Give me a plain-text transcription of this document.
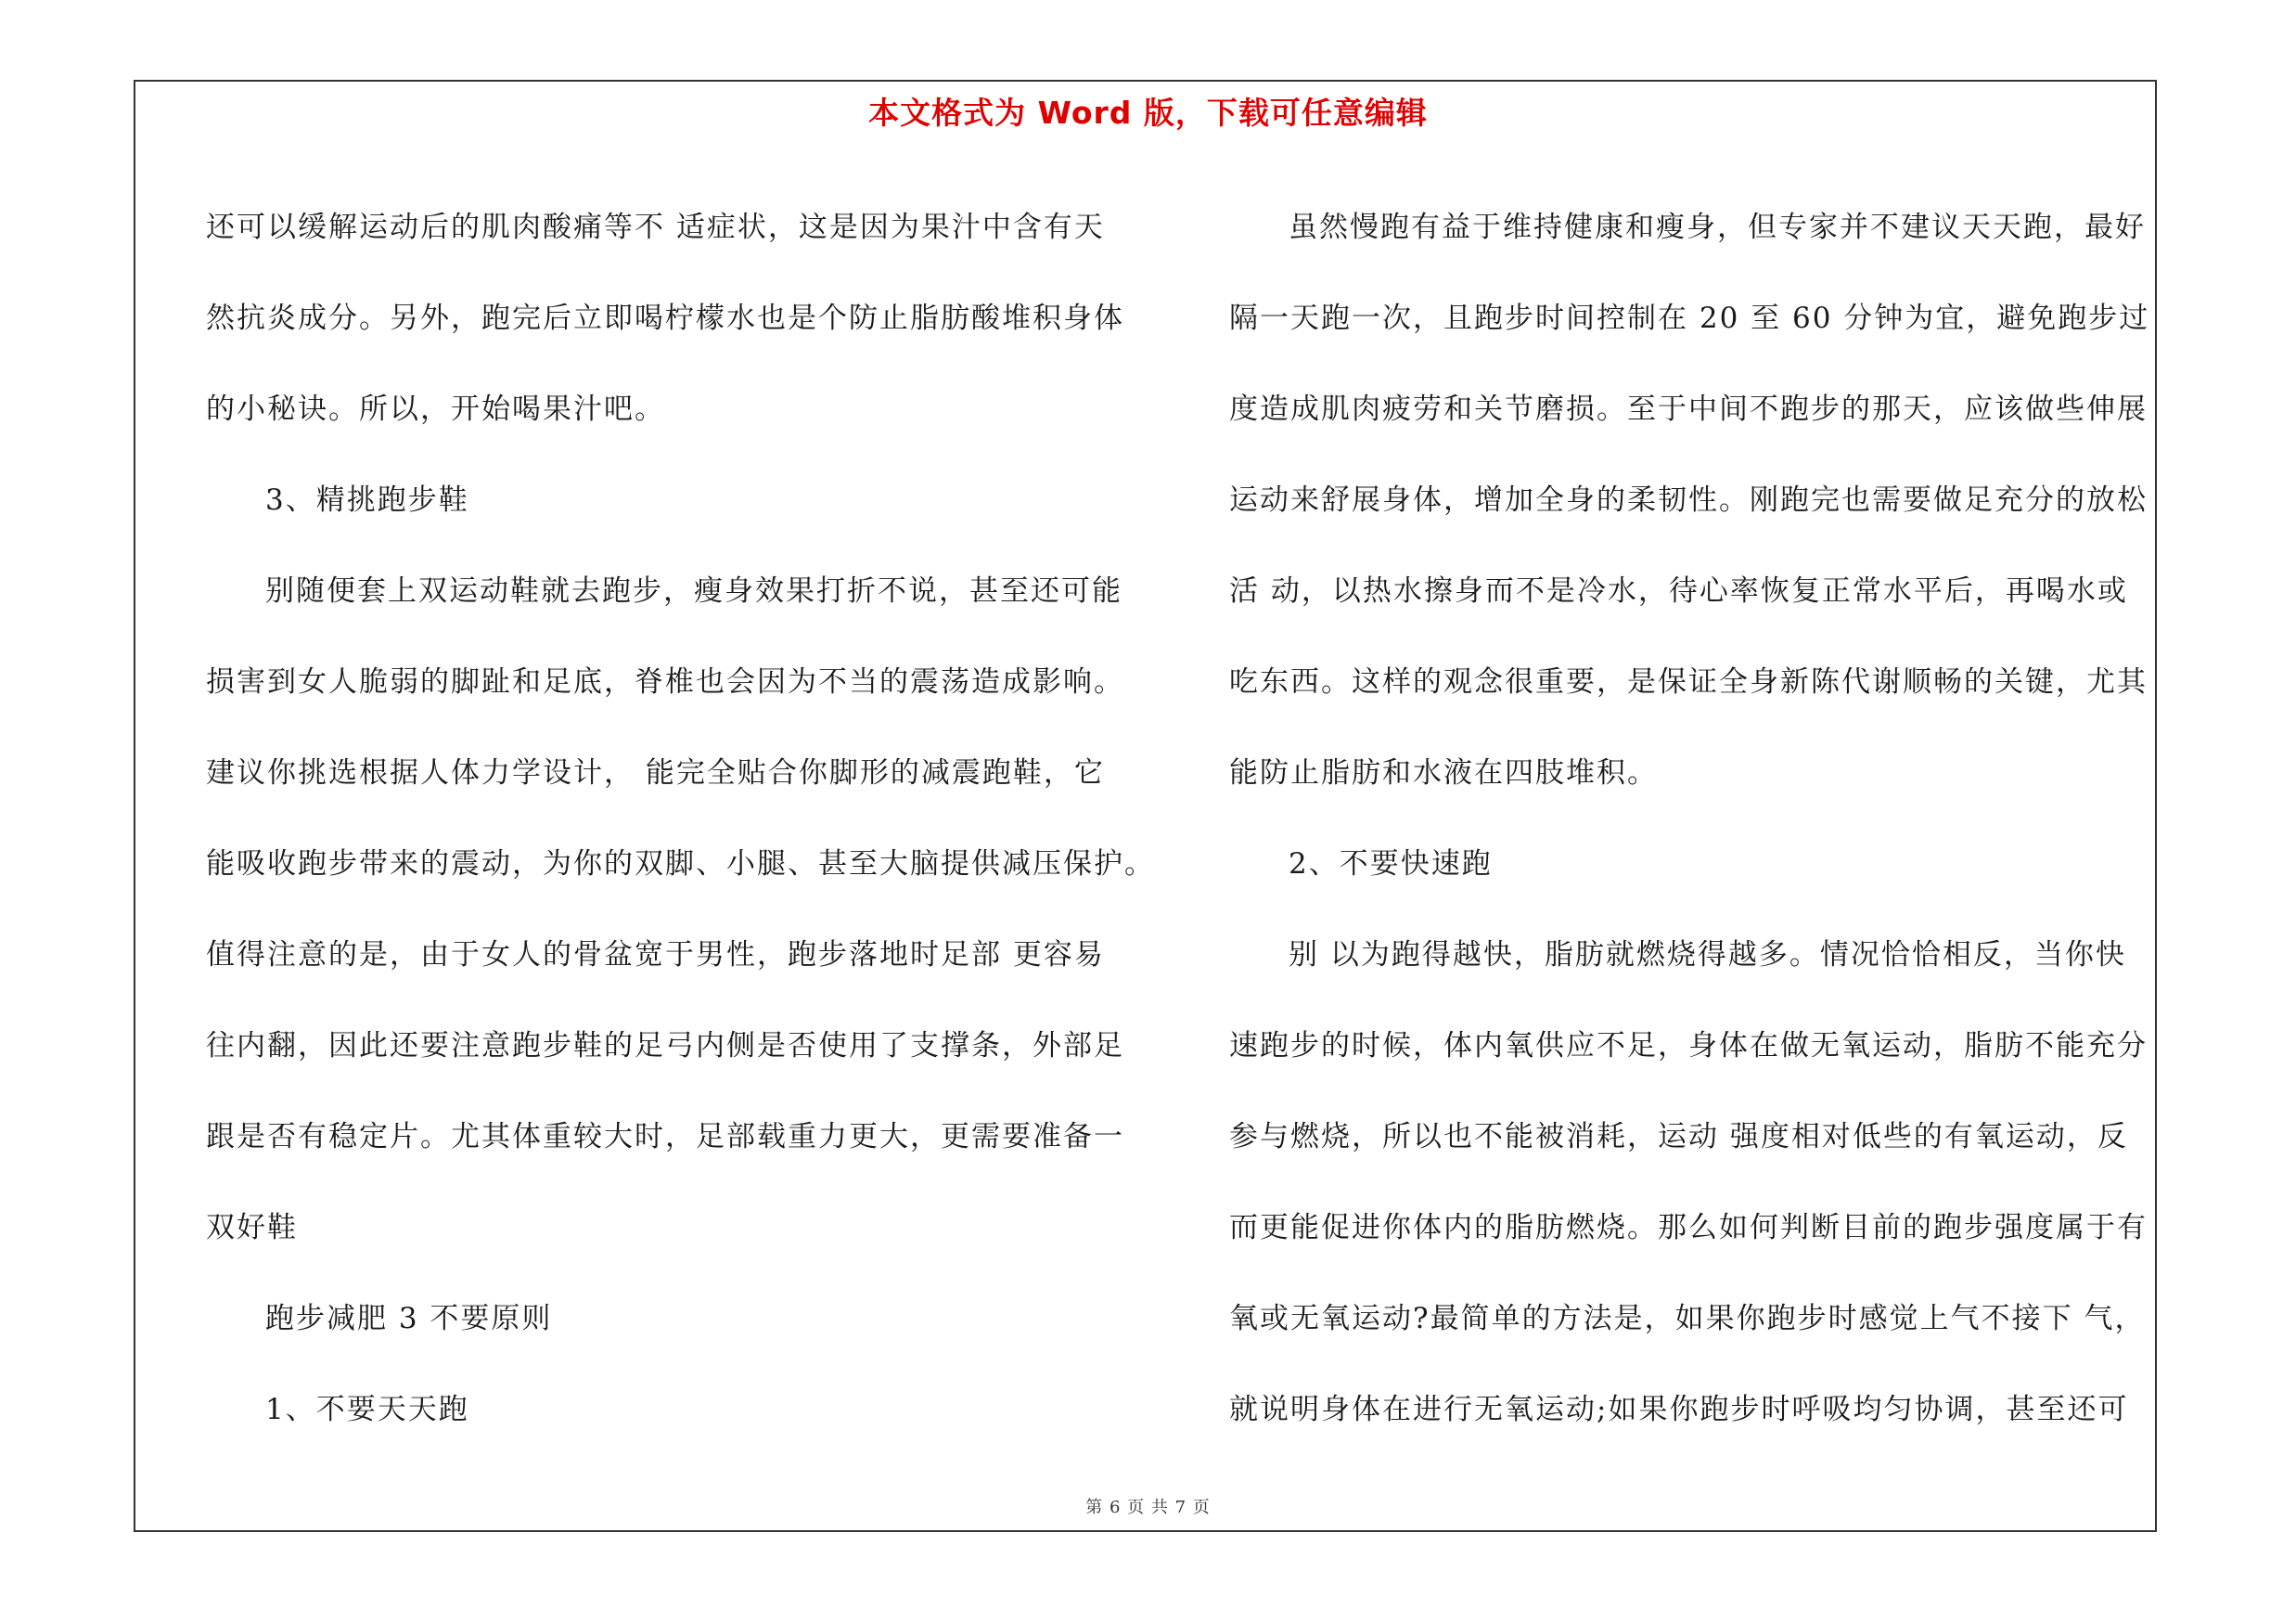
本文格式为 Word 版，下载可任意编辑
还可以缓解运动后的肌肉酸痛等不 适症状，这是因为果汁中含有天
然抗炎成分。另外，跑完后立即喝柠檬水也是个防止脂肪酸堆积身体
的小秘诀。所以，开始喝果汁吧。
3、精挑跑步鞋
别随便套上双运动鞋就去跑步，瘦身效果打折不说，甚至还可能
损害到女人脆弱的脚趾和足底，脊椎也会因为不当的震荡造成影响。
建议你挑选根据人体力学设计， 能完全贴合你脚形的减震跑鞋，它
能吸收跑步带来的震动，为你的双脚、小腿、甚至大脑提供减压保护。
值得注意的是，由于女人的骨盆宽于男性，跑步落地时足部 更容易
往内翻，因此还要注意跑步鞋的足弓内侧是否使用了支撑条，外部足
跟是否有稳定片。尤其体重较大时，足部载重力更大，更需要准备一
双好鞋
跑步减肥 3 不要原则
1、不要天天跑
虽然慢跑有益于维持健康和瘦身，但专家并不建议天天跑，最好
隔一天跑一次，且跑步时间控制在 20 至 60 分钟为宜，避免跑步过
度造成肌肉疲劳和关节磨损。至于中间不跑步的那天，应该做些伸展
运动来舒展身体，增加全身的柔韧性。刚跑完也需要做足充分的放松
活 动，以热水擦身而不是冷水，待心率恢复正常水平后，再喝水或
吃东西。这样的观念很重要，是保证全身新陈代谢顺畅的关键，尤其
能防止脂肪和水液在四肢堆积。
2、不要快速跑
别 以为跑得越快，脂肪就燃烧得越多。情况恰恰相反，当你快
速跑步的时候，体内氧供应不足，身体在做无氧运动，脂肪不能充分
参与燃烧，所以也不能被消耗，运动 强度相对低些的有氧运动，反
而更能促进你体内的脂肪燃烧。那么如何判断目前的跑步强度属于有
氧或无氧运动?最简单的方法是，如果你跑步时感觉上气不接下 气，
就说明身体在进行无氧运动;如果你跑步时呼吸均匀协调，甚至还可
第 6 页 共 7 页
